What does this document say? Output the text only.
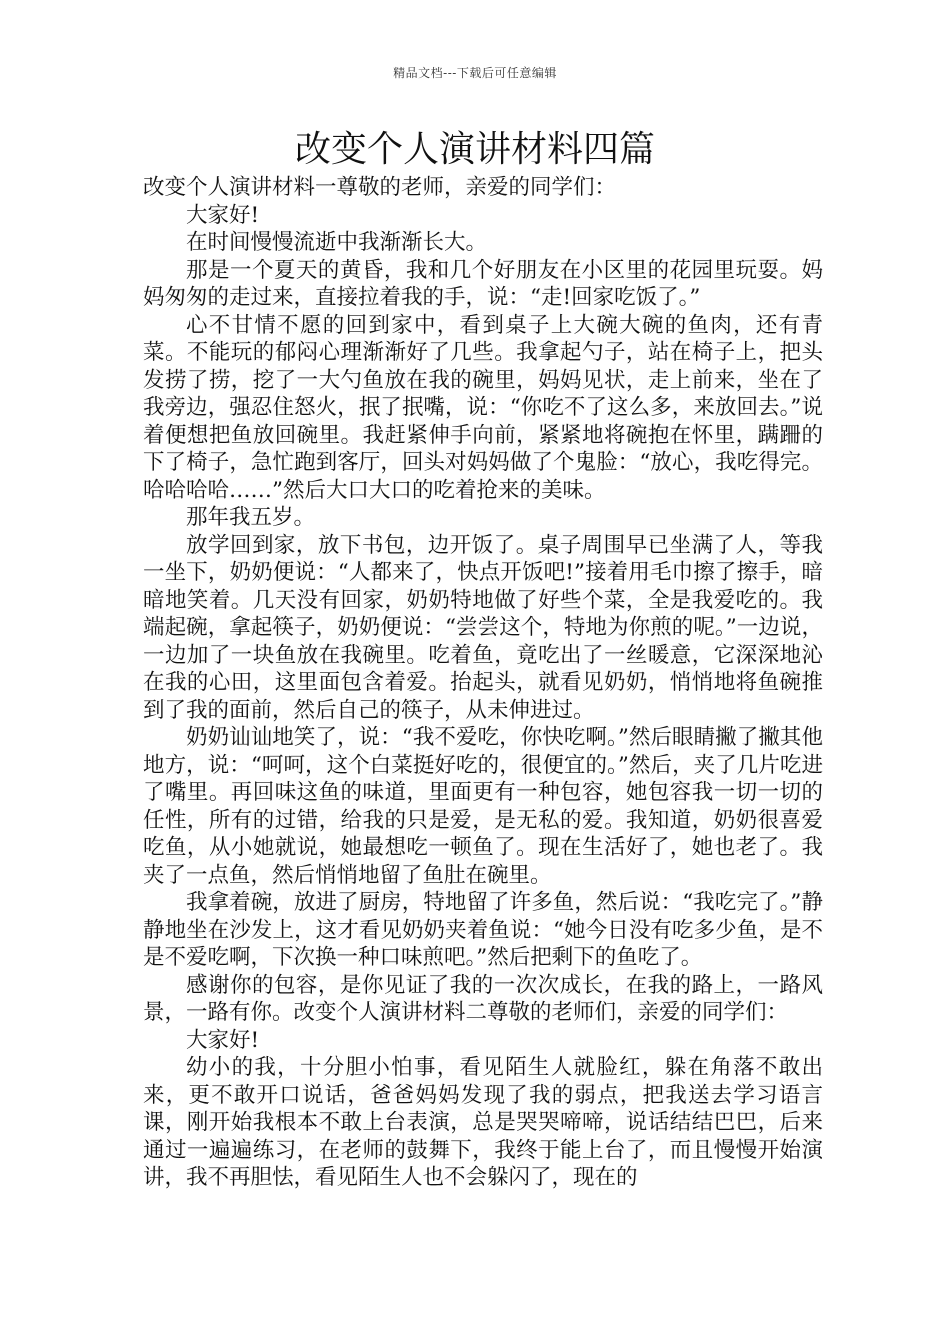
精品文档---下载后可任意编辑
改变个人演讲材料四篇

改变个人演讲材料一尊敬的老师，亲爱的同学们：

大家好!

在时间慢慢流逝中我渐渐长大。

那是一个夏天的黄昏，我和几个好朋友在小区里的花园里玩耍。妈妈匆匆的走过来，直接拉着我的手，说：“走!回家吃饭了。”

心不甘情不愿的回到家中，看到桌子上大碗大碗的鱼肉，还有青菜。不能玩的郁闷心理渐渐好了几些。我拿起勺子，站在椅子上，把头发捞了捞，挖了一大勺鱼放在我的碗里，妈妈见状，走上前来，坐在了我旁边，强忍住怒火，抿了抿嘴，说：“你吃不了这么多，来放回去。”说着便想把鱼放回碗里。我赶紧伸手向前，紧紧地将碗抱在怀里，蹒跚的下了椅子，急忙跑到客厅，回头对妈妈做了个鬼脸：“放心，我吃得完。哈哈哈哈……”然后大口大口的吃着抢来的美味。

那年我五岁。

放学回到家，放下书包，边开饭了。桌子周围早已坐满了人，等我一坐下，奶奶便说：“人都来了，快点开饭吧!”接着用毛巾擦了擦手，暗暗地笑着。几天没有回家，奶奶特地做了好些个菜，全是我爱吃的。我端起碗，拿起筷子，奶奶便说：“尝尝这个，特地为你煎的呢。”一边说，一边加了一块鱼放在我碗里。吃着鱼，竟吃出了一丝暖意，它深深地沁在我的心田，这里面包含着爱。抬起头，就看见奶奶，悄悄地将鱼碗推到了我的面前，然后自己的筷子，从未伸进过。

奶奶讪讪地笑了，说：“我不爱吃，你快吃啊。”然后眼睛撇了撇其他地方，说：“呵呵，这个白菜挺好吃的，很便宜的。”然后，夹了几片吃进了嘴里。再回味这鱼的味道，里面更有一种包容，她包容我一切一切的任性，所有的过错，给我的只是爱，是无私的爱。我知道，奶奶很喜爱吃鱼，从小她就说，她最想吃一顿鱼了。现在生活好了，她也老了。我夹了一点鱼，然后悄悄地留了鱼肚在碗里。

我拿着碗，放进了厨房，特地留了许多鱼，然后说：“我吃完了。”静静地坐在沙发上，这才看见奶奶夹着鱼说：“她今日没有吃多少鱼，是不是不爱吃啊，下次换一种口味煎吧。”然后把剩下的鱼吃了。

感谢你的包容，是你见证了我的一次次成长，在我的路上，一路风景，一路有你。改变个人演讲材料二尊敬的老师们，亲爱的同学们：

大家好!

幼小的我，十分胆小怕事，看见陌生人就脸红，躲在角落不敢出来，更不敢开口说话，爸爸妈妈发现了我的弱点，把我送去学习语言课，刚开始我根本不敢上台表演，总是哭哭啼啼，说话结结巴巴，后来通过一遍遍练习，在老师的鼓舞下，我终于能上台了，而且慢慢开始演讲，我不再胆怯，看见陌生人也不会躲闪了，现在的
